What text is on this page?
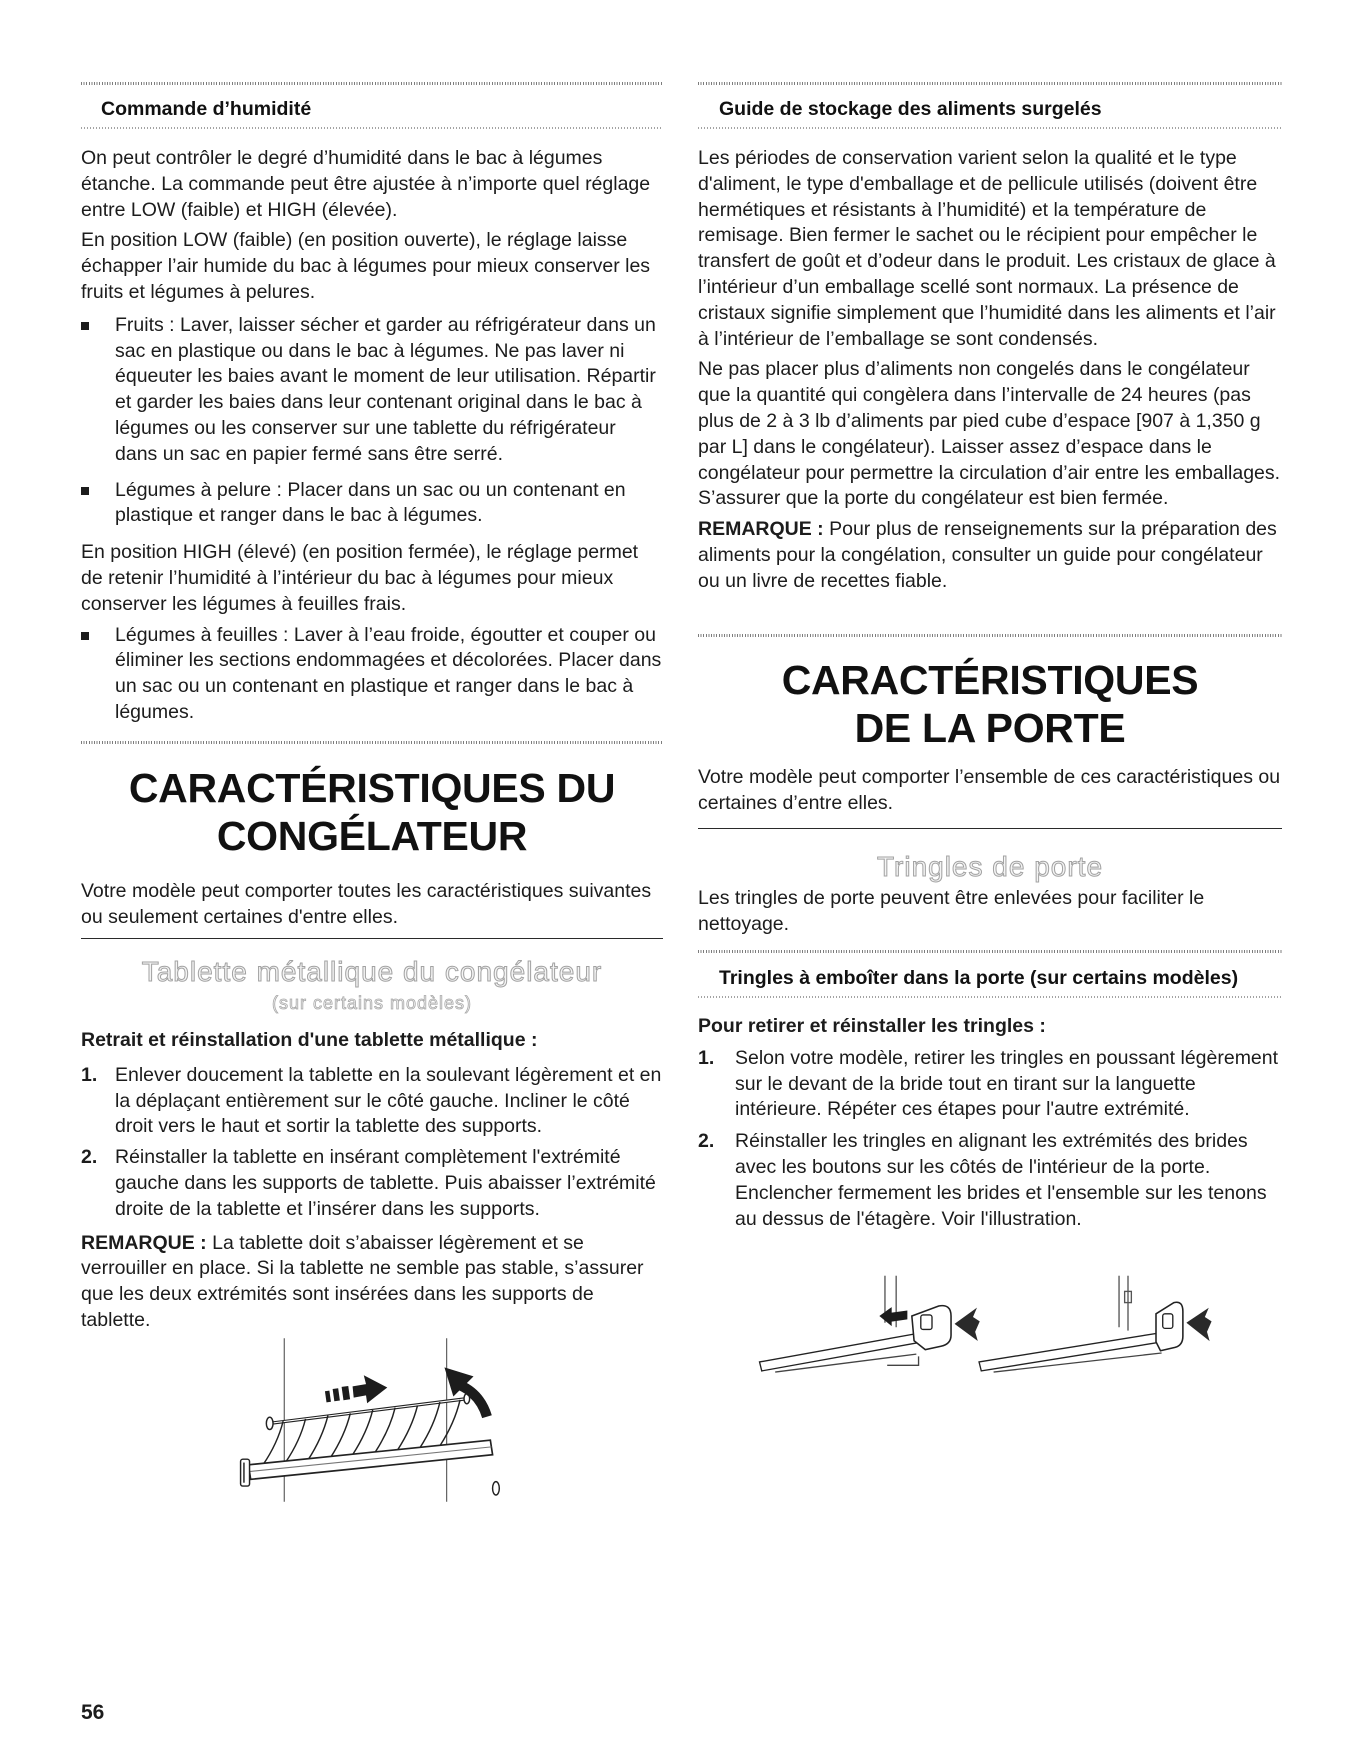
Commande d’humidité

On peut contrôler le degré d’humidité dans le bac à légumes étanche. La commande peut être ajustée à n’importe quel réglage entre LOW (faible) et HIGH (élevée).

En position LOW (faible) (en position ouverte), le réglage laisse échapper l’air humide du bac à légumes pour mieux conserver les fruits et légumes à pelures.

Fruits : Laver, laisser sécher et garder au réfrigérateur dans un sac en plastique ou dans le bac à légumes. Ne pas laver ni équeuter les baies avant le moment de leur utilisation. Répartir et garder les baies dans leur contenant original dans le bac à légumes ou les conserver sur une tablette du réfrigérateur dans un sac en papier fermé sans être serré.
Légumes à pelure : Placer dans un sac ou un contenant en plastique et ranger dans le bac à légumes.

En position HIGH (élevé) (en position fermée), le réglage permet de retenir l’humidité à l’intérieur du bac à légumes pour mieux conserver les légumes à feuilles frais.

Légumes à feuilles : Laver à l’eau froide, égoutter et couper ou éliminer les sections endommagées et décolorées. Placer dans un sac ou un contenant en plastique et ranger dans le bac à légumes.
CARACTÉRISTIQUES DU
CONGÉLATEUR

Votre modèle peut comporter toutes les caractéristiques suivantes ou seulement certaines d'entre elles.

Tablette métallique du congélateur
(sur certains modèles)

Retrait et réinstallation d'une tablette métallique :

1. Enlever doucement la tablette en la soulevant légèrement et en la déplaçant entièrement sur le côté gauche. Incliner le côté droit vers le haut et sortir la tablette des supports.
2. Réinstaller la tablette en insérant complètement l'extrémité gauche dans les supports de tablette. Puis abaisser l’extrémité droite de la tablette et l’insérer dans les supports.

REMARQUE : La tablette doit s’abaisser légèrement et se verrouiller en place. Si la tablette ne semble pas stable, s’assurer que les deux extrémités sont insérées dans les supports de tablette.

56
Guide de stockage des aliments surgelés

Les périodes de conservation varient selon la qualité et le type d'aliment, le type d'emballage et de pellicule utilisés (doivent être hermétiques et résistants à l’humidité) et la température de remisage. Bien fermer le sachet ou le récipient pour empêcher le transfert de goût et d’odeur dans le produit. Les cristaux de glace à l’intérieur d’un emballage scellé sont normaux. La présence de cristaux signifie simplement que l’humidité dans les aliments et l’air à l’intérieur de l’emballage se sont condensés.

Ne pas placer plus d’aliments non congelés dans le congélateur que la quantité qui congèlera dans l’intervalle de 24 heures (pas plus de 2 à 3 lb d’aliments par pied cube d’espace [907 à 1,350 g par L] dans le congélateur). Laisser assez d’espace dans le congélateur pour permettre la circulation d’air entre les emballages. S’assurer que la porte du congélateur est bien fermée.

REMARQUE : Pour plus de renseignements sur la préparation des aliments pour la congélation, consulter un guide pour congélateur ou un livre de recettes fiable.

CARACTÉRISTIQUES
DE LA PORTE

Votre modèle peut comporter l’ensemble de ces caractéristiques ou certaines d’entre elles.

Tringles de porte

Les tringles de porte peuvent être enlevées pour faciliter le nettoyage.

Tringles à emboîter dans la porte (sur certains modèles)

Pour retirer et réinstaller les tringles :

1. Selon votre modèle, retirer les tringles en poussant légèrement sur le devant de la bride tout en tirant sur la languette intérieure. Répéter ces étapes pour l'autre extrémité.
2. Réinstaller les tringles en alignant les extrémités des brides avec les boutons sur les côtés de l'intérieur de la porte. Enclencher fermement les brides et l'ensemble sur les tenons au dessus de l'étagère. Voir l'illustration.
